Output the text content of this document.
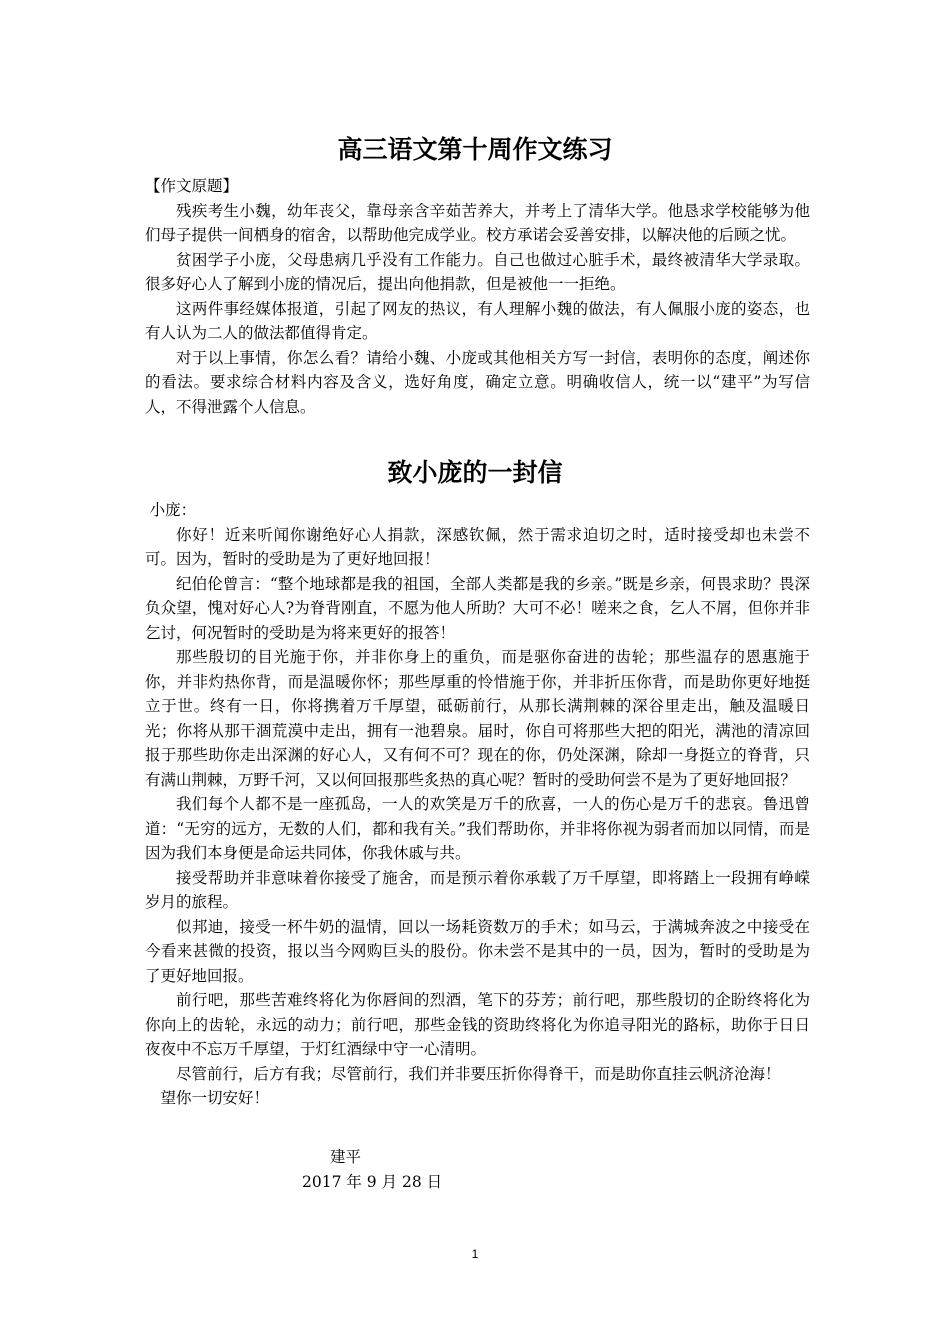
高三语文第十周作文练习

【作文原题】

残疾考生小魏，幼年丧父，靠母亲含辛茹苦养大，并考上了清华大学。他恳求学校能够为他们母子提供一间栖身的宿舍，以帮助他完成学业。校方承诺会妥善安排，以解决他的后顾之忧。

贫困学子小庞，父母患病几乎没有工作能力。自己也做过心脏手术，最终被清华大学录取。很多好心人了解到小庞的情况后，提出向他捐款，但是被他一一拒绝。

这两件事经媒体报道，引起了网友的热议，有人理解小魏的做法，有人佩服小庞的姿态，也有人认为二人的做法都值得肯定。

对于以上事情，你怎么看？请给小魏、小庞或其他相关方写一封信，表明你的态度，阐述你的看法。要求综合材料内容及含义，选好角度，确定立意。明确收信人，统一以“建平”为写信人，不得泄露个人信息。

致小庞的一封信

小庞：

你好！近来听闻你谢绝好心人捐款，深感钦佩，然于需求迫切之时，适时接受却也未尝不可。因为，暂时的受助是为了更好地回报！

纪伯伦曾言：“整个地球都是我的祖国，全部人类都是我的乡亲。”既是乡亲，何畏求助？畏深负众望，愧对好心人?为脊背刚直，不愿为他人所助？大可不必！嗟来之食，乞人不屑，但你并非乞讨，何况暂时的受助是为将来更好的报答！

那些殷切的目光施于你，并非你身上的重负，而是驱你奋进的齿轮；那些温存的恩惠施于你，并非灼热你背，而是温暖你怀；那些厚重的怜惜施于你，并非折压你背，而是助你更好地挺立于世。终有一日，你将携着万千厚望，砥砺前行，从那长满荆棘的深谷里走出，触及温暖日光；你将从那干涸荒漠中走出，拥有一池碧泉。届时，你自可将那些大把的阳光，满池的清凉回报于那些助你走出深渊的好心人，又有何不可？现在的你，仍处深渊，除却一身挺立的脊背，只有满山荆棘，万野千河，又以何回报那些炙热的真心呢？暂时的受助何尝不是为了更好地回报？

我们每个人都不是一座孤岛，一人的欢笑是万千的欣喜，一人的伤心是万千的悲哀。鲁迅曾道：“无穷的远方，无数的人们，都和我有关。”我们帮助你，并非将你视为弱者而加以同情，而是因为我们本身便是命运共同体，你我休戚与共。

接受帮助并非意味着你接受了施舍，而是预示着你承载了万千厚望，即将踏上一段拥有峥嵘岁月的旅程。

似邦迪，接受一杯牛奶的温情，回以一场耗资数万的手术；如马云，于满城奔波之中接受在今看来甚微的投资，报以当今网购巨头的股份。你未尝不是其中的一员，因为，暂时的受助是为了更好地回报。

前行吧，那些苦难终将化为你唇间的烈酒，笔下的芬芳；前行吧，那些殷切的企盼终将化为你向上的齿轮，永远的动力；前行吧，那些金钱的资助终将化为你追寻阳光的路标，助你于日日夜夜中不忘万千厚望，于灯红酒绿中守一心清明。

尽管前行，后方有我；尽管前行，我们并非要压折你得脊干，而是助你直挂云帆济沧海！

望你一切安好！

建平
2017 年 9 月 28 日
1
